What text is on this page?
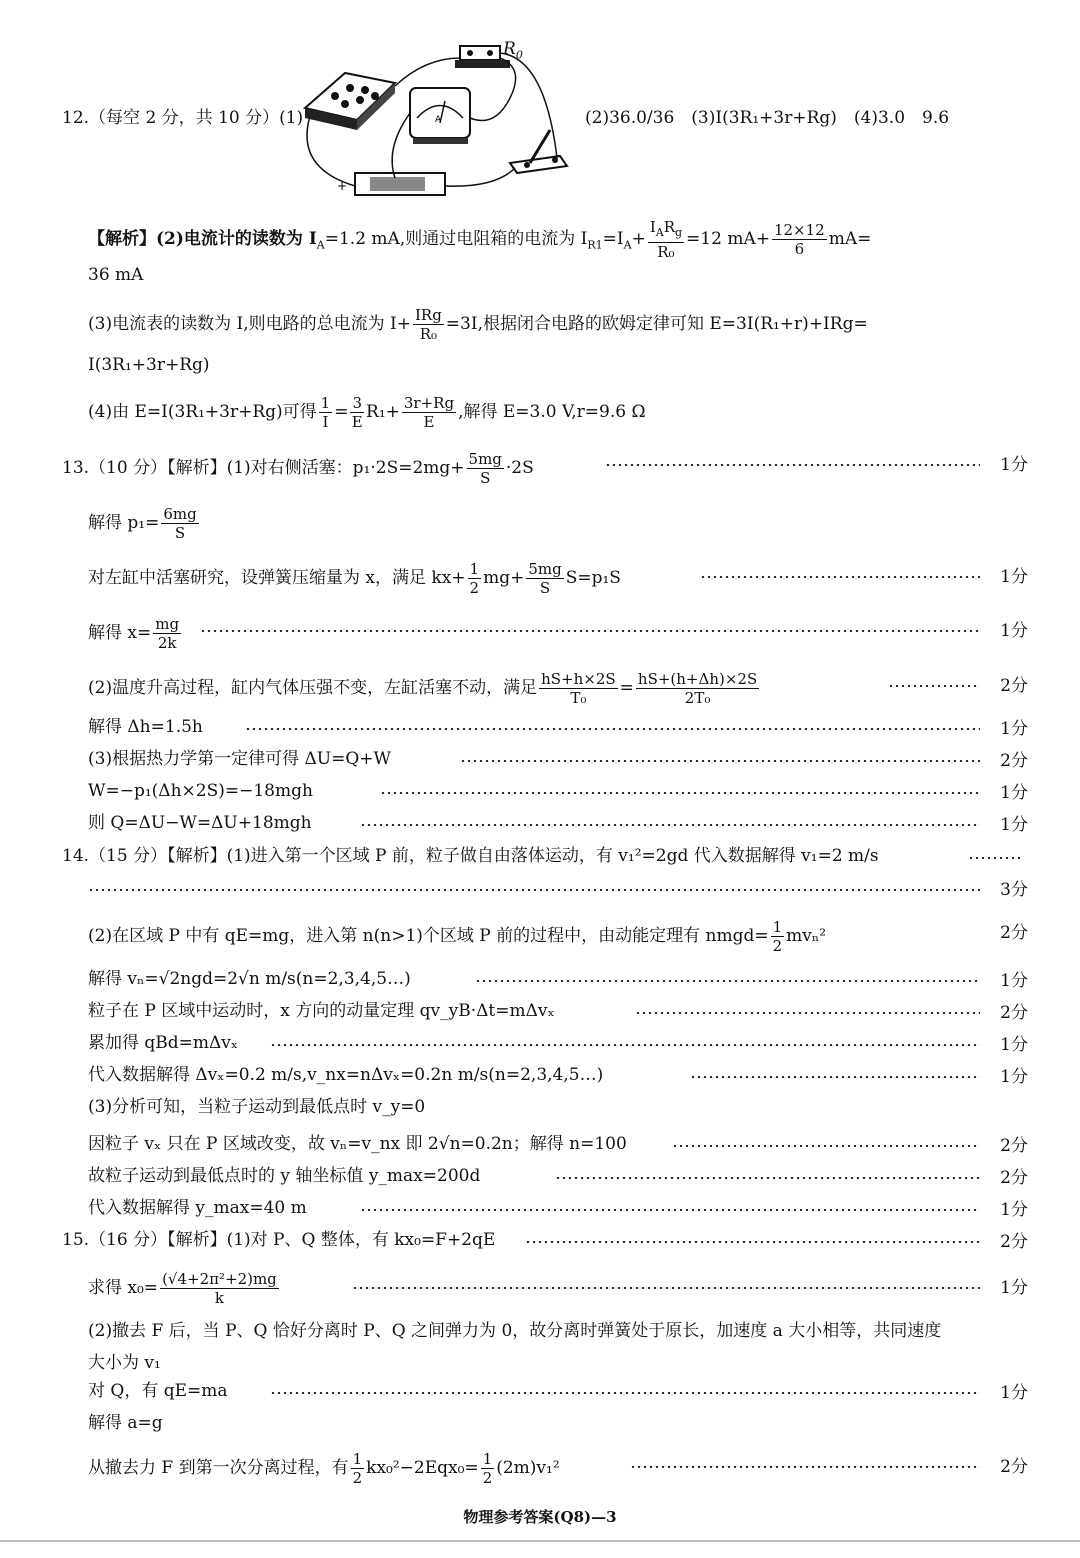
A
+	−
12.（每空 2 分，共 10 分）(1)
$R_0$
(2)36.0/36　(3)I(3R₁+3r+Rg)　(4)3.0　9.6
【解析】(2)电流计的读数为 $I_A=1.2$ mA,则通过电阻箱的电流为 $I_{R1}=I_A+$
$I_AR_g$
R₀
=12 $mA+ \frac{12\times 12}{6} mA=$
36 mA
(3)电流表的读数为 I,则电路的总电流为 I+ IRg
R₀ =3I,根据闭合电路的欧姆定律可知 E=3I(R₁+r)+IRg=
I(3R₁+3r+Rg)
(4)由 E=I(3R₁+3r+Rg)可得 $\frac{1}{I} = \frac{3}{E} R_1+ \frac{3r+Rg}{E}$ ,解得 E=3.0 V,r=9.6 Ω
13.（10 分）【解析】(1)对右侧活塞：$p_1\cdot 2S=2mg+ \frac{5mg}{S} \cdot 2S$	1分
解得 $p_1= \frac{6mg}{S}$
对左缸中活塞研究，设弹簧压缩量为 x，满足 $kx+ \frac{1}{2} mg+ \frac{5mg}{S} S=p_1S$	1分
解得 $x= \frac{mg}{2k}$	1分
(2)温度升高过程，缸内气体压强不变，左缸活塞不动，满足 $\frac{hS+h\times 2S}{\text{T₀}} = \frac{hS+(h+\Delta h)\times 2S}{\text{2T₀}}$	2分
解得 Δh=1.5h	1分
(3)根据热力学第一定律可得 ΔU=Q+W	2分
W=−p₁(Δh×2S)=−18mgh	1分
则 Q=ΔU−W=ΔU+18mgh	1分
14.（15 分）【解析】(1)进入第一个区域 P 前，粒子做自由落体运动，有 v₁²=2gd 代入数据解得 v₁=2 m/s
3分
(2)在区域 P 中有 qE=mg，进入第 n(n>1)个区域 P 前的过程中，由动能定理有 nmgd= $\frac{1}{2} mv_n^2$	2分
解得 vₙ=√2ngd=2√n m/s(n=2,3,4,5…)	1分
粒子在 P 区域中运动时，x 方向的动量定理 qv_yB·Δt=mΔvₓ	2分
累加得 qBd=mΔvₓ	1分
代入数据解得 Δvₓ=0.2 m/s,v_nx=nΔvₓ=0.2n m/s(n=2,3,4,5…)	1分
(3)分析可知，当粒子运动到最低点时 v_y=0
因粒子 vₓ 只在 P 区域改变，故 vₙ=v_nx 即 2√n=0.2n；解得 n=100	2分
故粒子运动到最低点时的 y 轴坐标值 y_max=200d	2分
代入数据解得 y_max=40 m	1分
15.（16 分）【解析】(1)对 P、Q 整体，有 kx₀=F+2qE	2分
求得 $x_0= \frac{\text{(√4+2π²+2)mg}}{k}$	1分
(2)撤去 F 后，当 P、Q 恰好分离时 P、Q 之间弹力为 0，故分离时弹簧处于原长，加速度 a 大小相等，共同速度
大小为 v₁
对 Q，有 qE=ma	1分
解得 a=g
从撤去力 F 到第一次分离过程，有 $\frac{1}{2} kx_0^2-2Eqx_0= \frac{1}{2} (2m)v_1^2$	2分
物理参考答案(Q8)—3
